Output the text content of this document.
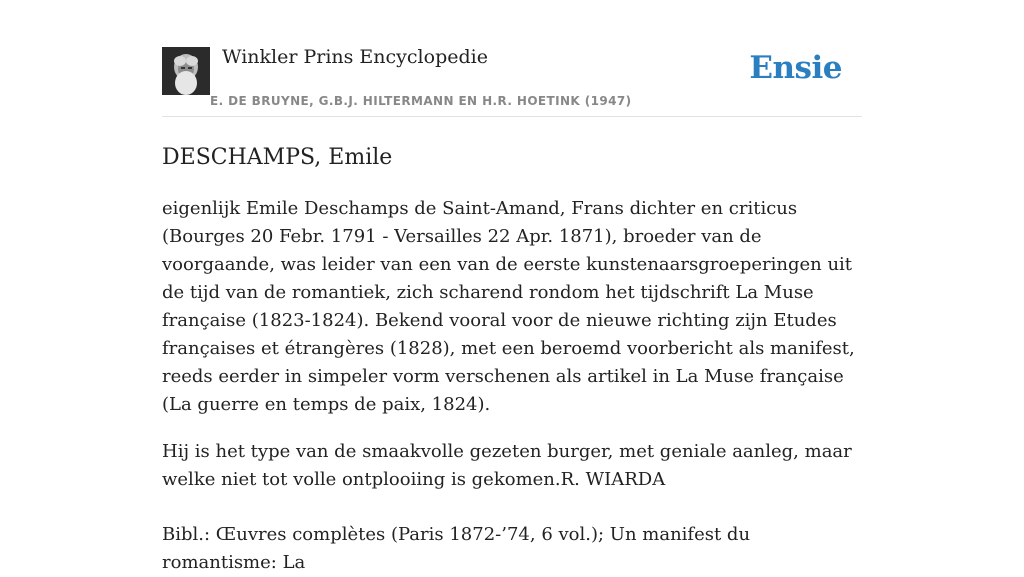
Winkler Prins Encyclopedie
E. DE BRUYNE, G.B.J. HILTERMANN EN H.R. HOETINK (1947)
Ensie
DESCHAMPS, Emile

eigenlijk Emile Deschamps de Saint-Amand, Frans dichter en criticus (Bourges 20 Febr. 1791 - Versailles 22 Apr. 1871), broeder van de voorgaande, was leider van een van de eerste kunstenaarsgroeperingen uit de tijd van de romantiek, zich scharend rondom het tijdschrift La Muse française (1823-1824). Bekend vooral voor de nieuwe richting zijn Etudes françaises et étrangères (1828), met een beroemd voorbericht als manifest, reeds eerder in simpeler vorm verschenen als artikel in La Muse française (La guerre en temps de paix, 1824).

Hij is het type van de smaakvolle gezeten burger, met geniale aanleg, maar welke niet tot volle ontplooiing is gekomen.R. WIARDA

Bibl.: Œuvres complètes (Paris 1872-’74, 6 vol.); Un manifest du romantisme: La
